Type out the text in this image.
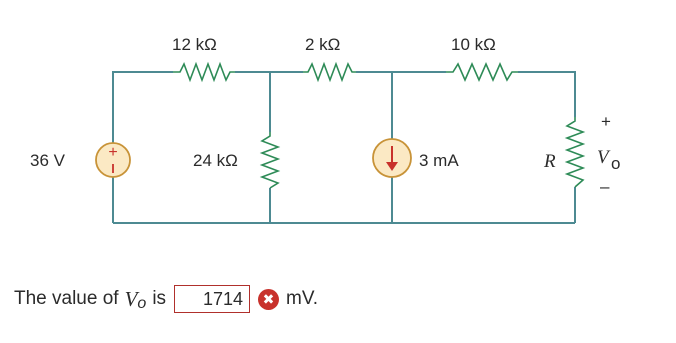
+
12 kΩ	2 kΩ	10 kΩ
36 V	24 kΩ	3 mA	R
+
V o
–
The value of V o is	1714	✖ mV.
